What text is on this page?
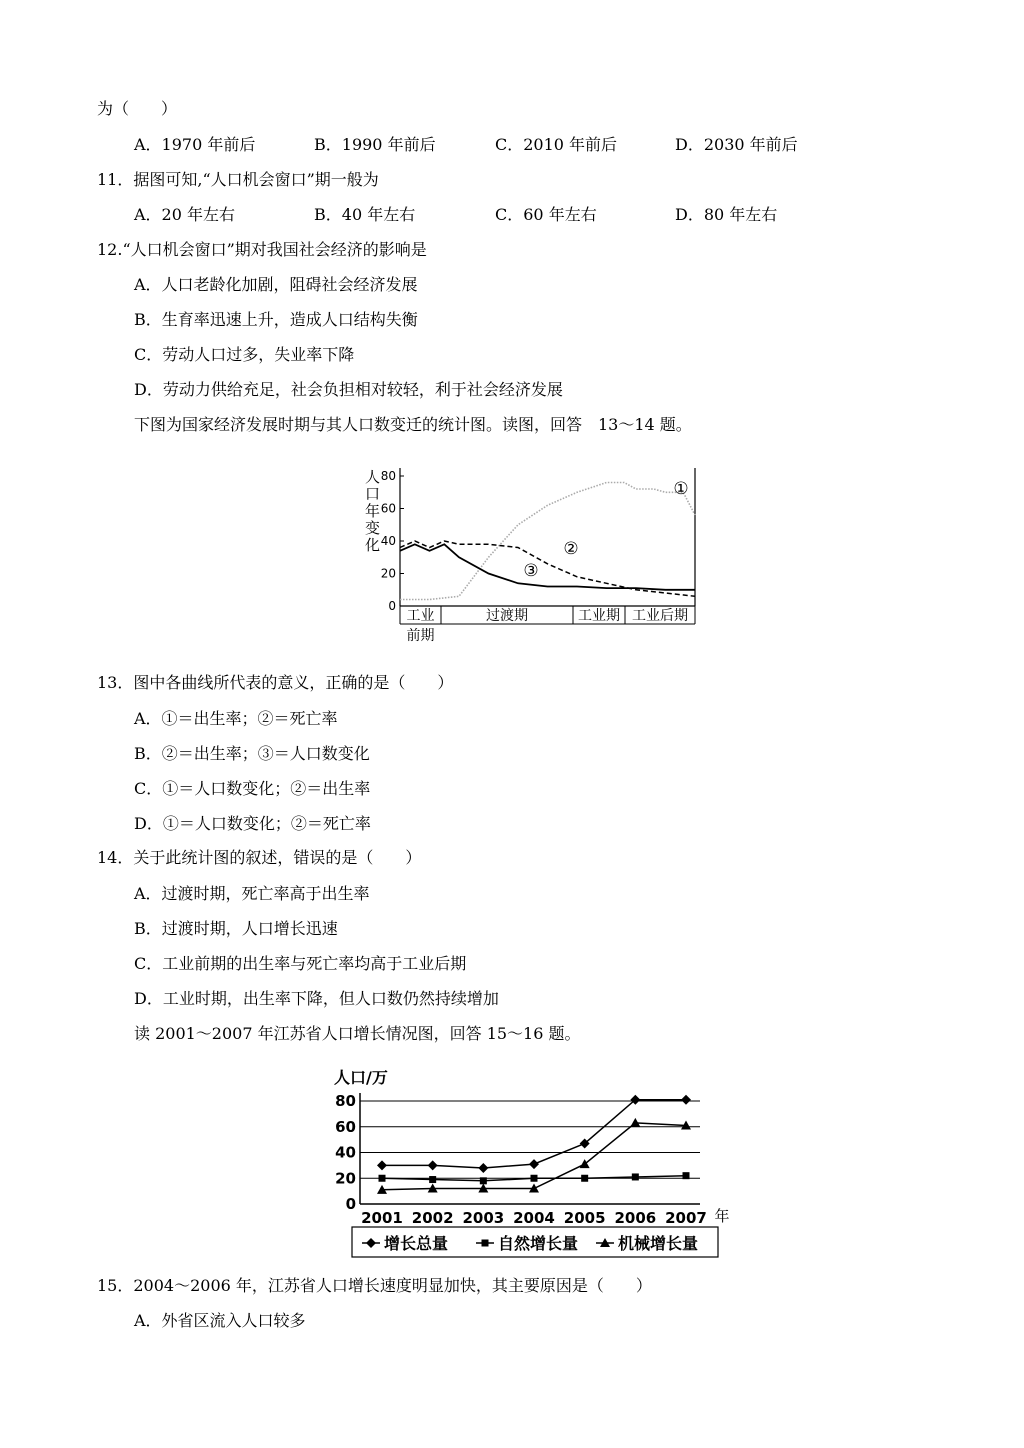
为（　　）
A．1970 年前后	B．1990 年前后	C．2010 年前后	D．2030 年前后
11．据图可知,“人口机会窗口”期一般为
A．20 年左右	B．40 年左右	C．60 年左右	D．80 年左右
12.“人口机会窗口”期对我国社会经济的影响是
A．人口老龄化加剧，阻碍社会经济发展
B．生育率迅速上升，造成人口结构失衡
C．劳动人口过多，失业率下降
D．劳动力供给充足，社会负担相对较轻，利于社会经济发展
下图为国家经济发展时期与其人口数变迁的统计图。读图，回答　13～14 题。
人
口
年
变
化
80
60
40
20
0
①
②
③
工业
前期
过渡期	工业期 工业后期
13．图中各曲线所代表的意义，正确的是（　　）
A．①＝出生率；②＝死亡率
B．②＝出生率；③＝人口数变化
C．①＝人口数变化；②＝出生率
D．①＝人口数变化；②＝死亡率
14．关于此统计图的叙述，错误的是（　　）
A．过渡时期，死亡率高于出生率
B．过渡时期，人口增长迅速
C．工业前期的出生率与死亡率均高于工业后期
D．工业时期，出生率下降，但人口数仍然持续增加
读 2001～2007 年江苏省人口增长情况图，回答 15～16 题。
人口/万
80
60
40
20
0
2001 2002 2003 2004 2005 2006 2007 年
增长总量	自然增长量 机械增长量
15．2004～2006 年，江苏省人口增长速度明显加快，其主要原因是（　　）
A．外省区流入人口较多
